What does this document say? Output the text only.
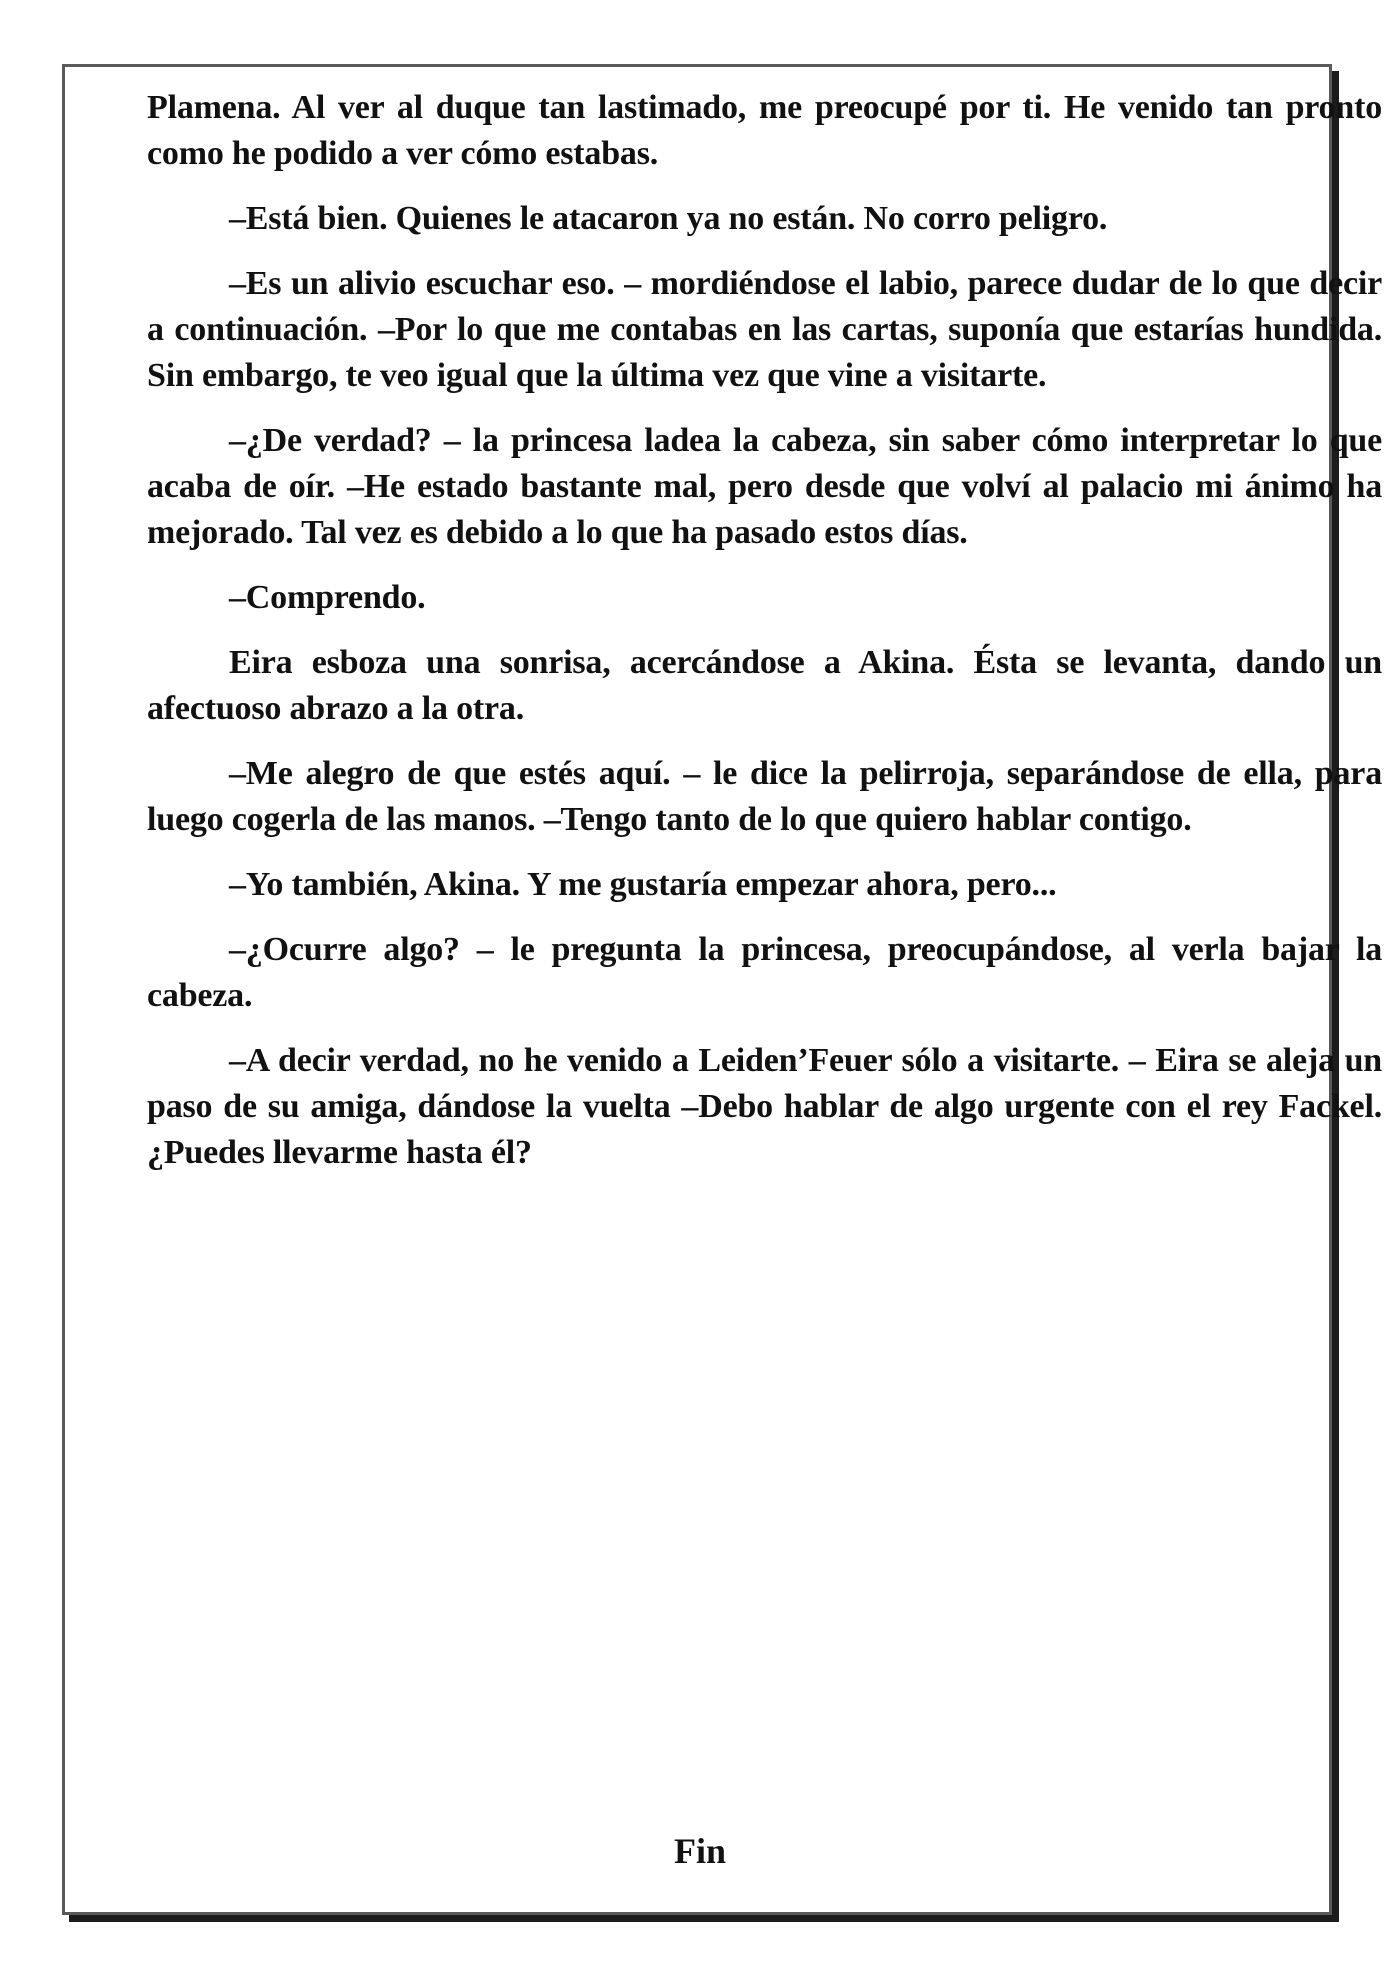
Plamena. Al ver al duque tan lastimado, me preocupé por ti. He venido tan pronto como he podido a ver cómo estabas.

–Está bien. Quienes le atacaron ya no están. No corro peligro.

–Es un alivio escuchar eso. – mordiéndose el labio, parece dudar de lo que decir a continuación. –Por lo que me contabas en las cartas, suponía que estarías hundida. Sin embargo, te veo igual que la última vez que vine a visitarte.

–¿De verdad? – la princesa ladea la cabeza, sin saber cómo interpretar lo que acaba de oír. –He estado bastante mal, pero desde que volví al palacio mi ánimo ha mejorado. Tal vez es debido a lo que ha pasado estos días.

–Comprendo.

Eira esboza una sonrisa, acercándose a Akina. Ésta se levanta, dando un afectuoso abrazo a la otra.

–Me alegro de que estés aquí. – le dice la pelirroja, separándose de ella, para luego cogerla de las manos. –Tengo tanto de lo que quiero hablar contigo.

–Yo también, Akina. Y me gustaría empezar ahora, pero...

–¿Ocurre algo? – le pregunta la princesa, preocupándose, al verla bajar la cabeza.

–A decir verdad, no he venido a Leiden’Feuer sólo a visitarte. – Eira se aleja un paso de su amiga, dándose la vuelta –Debo hablar de algo urgente con el rey Fackel. ¿Puedes llevarme hasta él?

Fin
